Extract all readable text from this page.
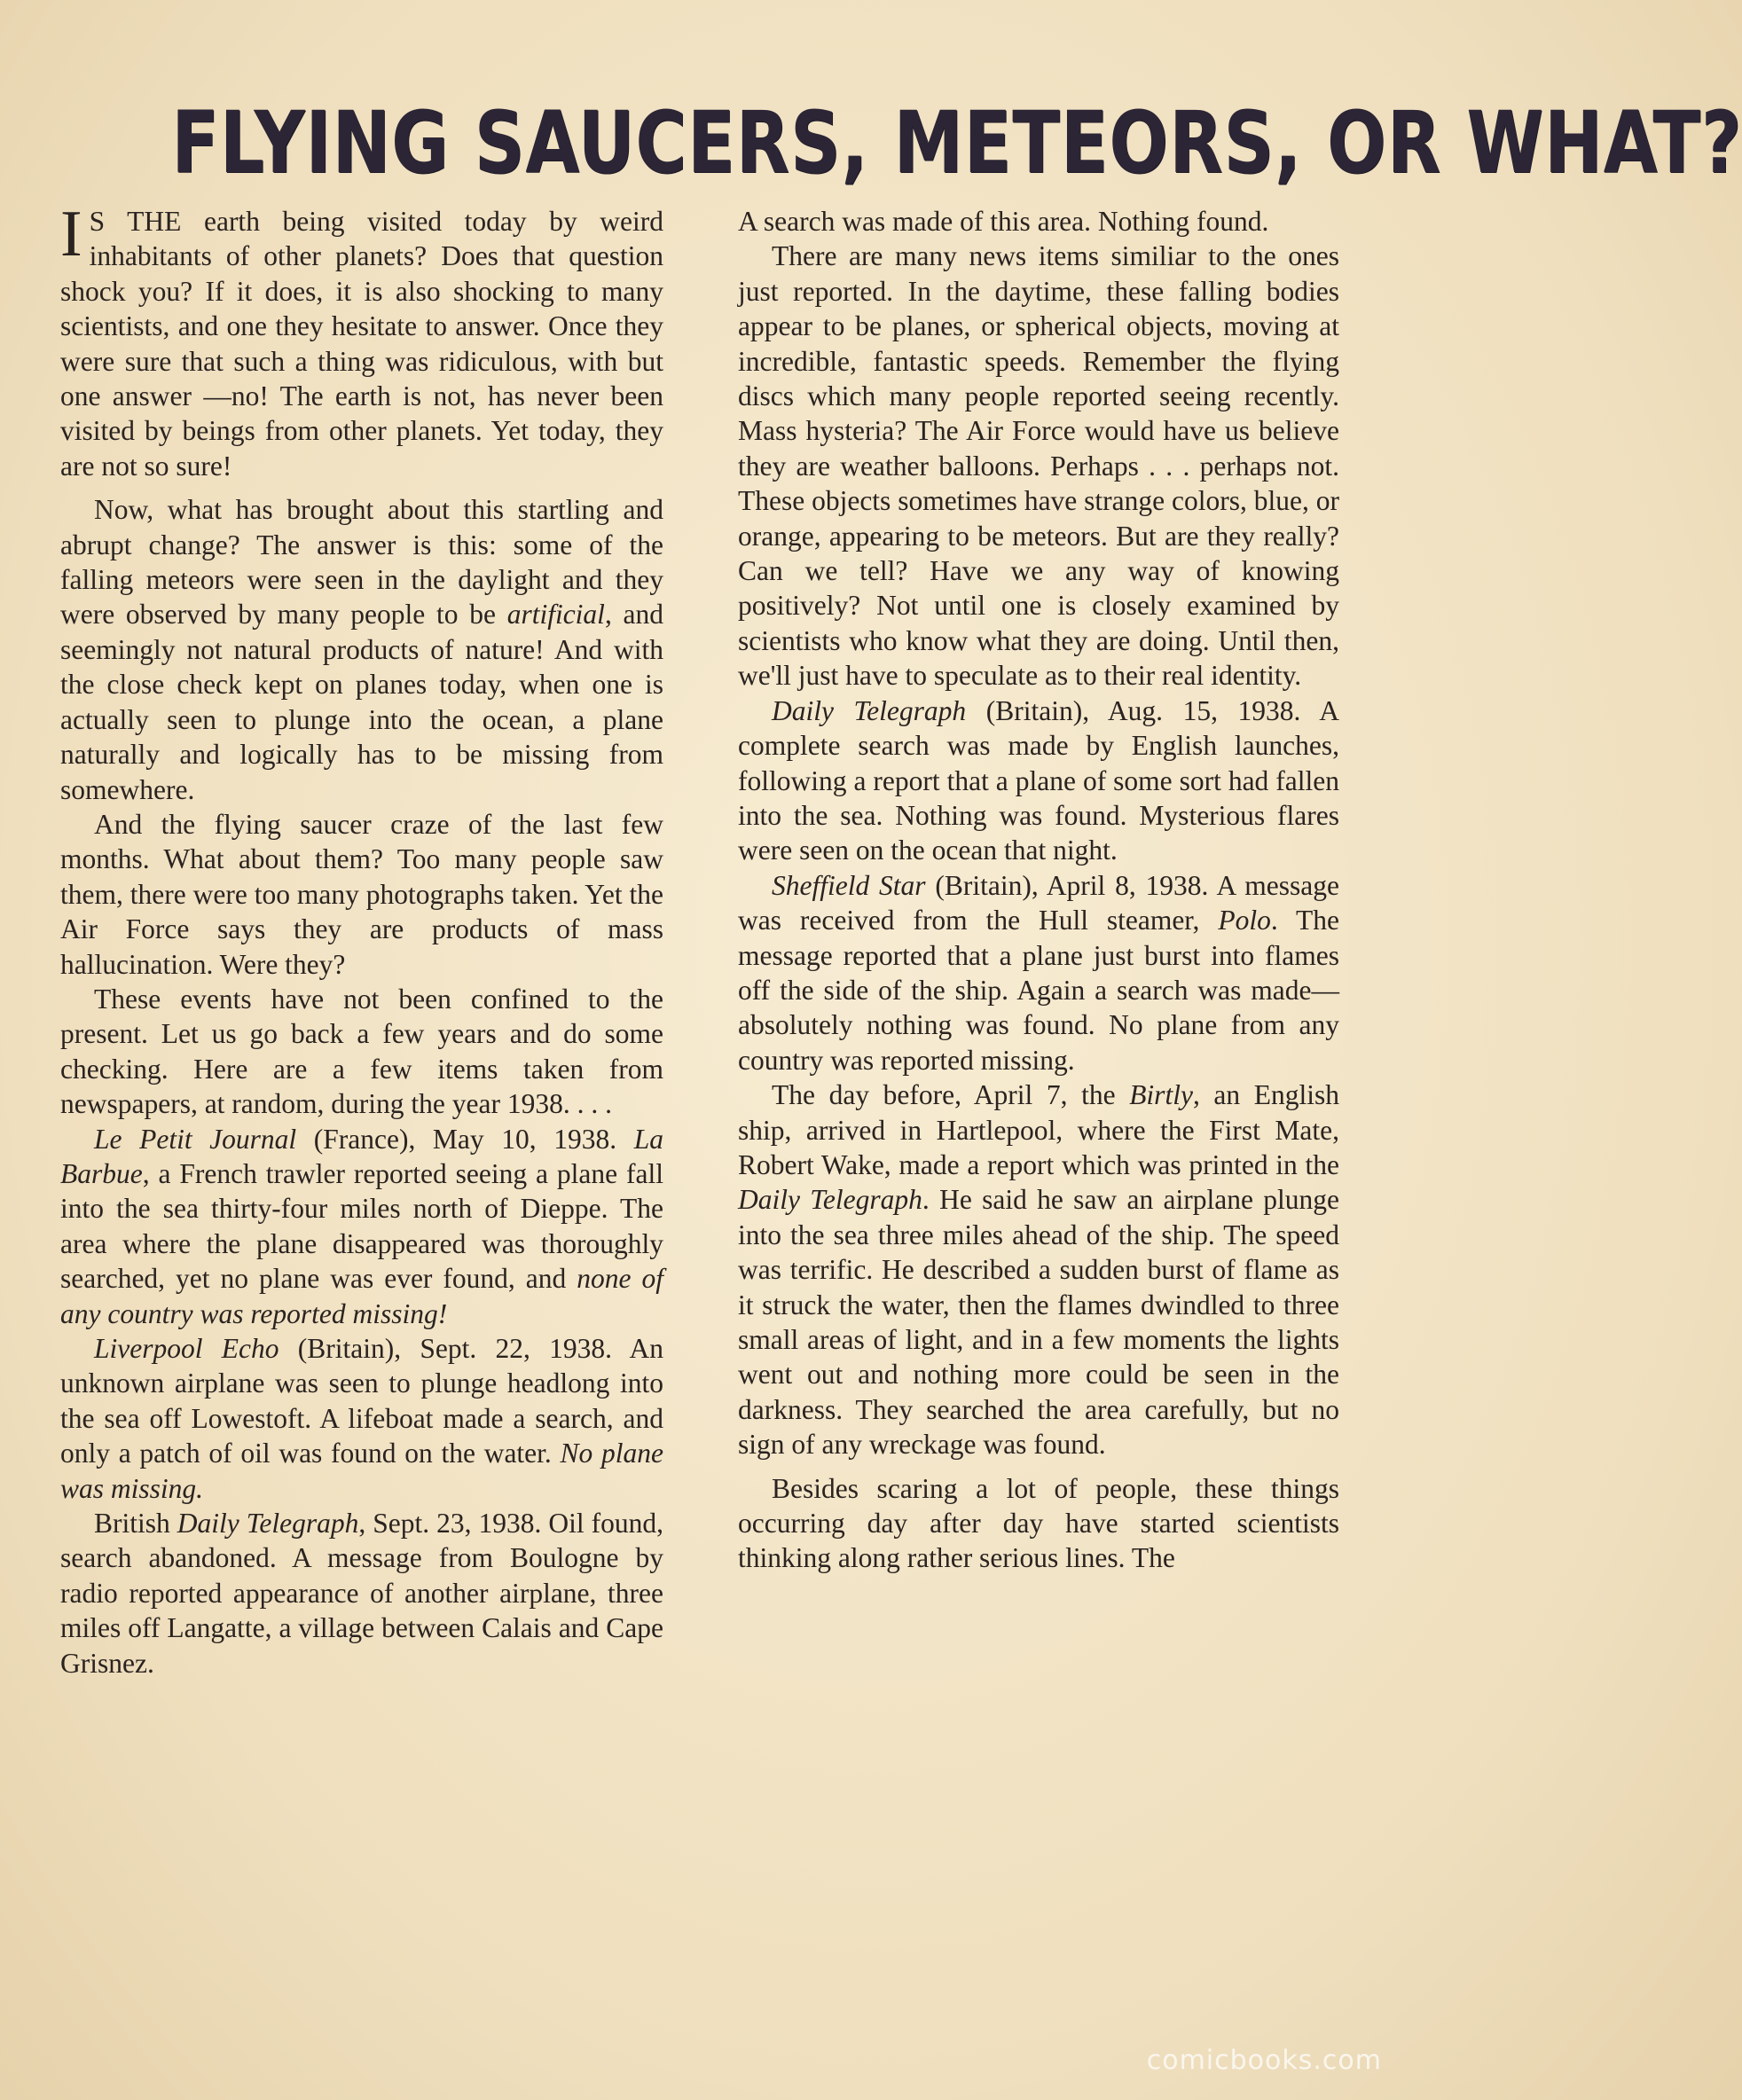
FLYING SAUCERS, METEORS, OR WHAT?

I S THE earth being visited today by weird inhabitants of other planets? Does that question shock you? If it does, it is also shocking to many scientists, and one they hesitate to answer. Once they were sure that such a thing was ridiculous, with but one answer —no! The earth is not, has never been visited by beings from other planets. Yet today, they are not so sure!

Now, what has brought about this startling and abrupt change? The answer is this: some of the falling meteors were seen in the daylight and they were observed by many people to be artificial, and seemingly not natural products of nature! And with the close check kept on planes today, when one is actually seen to plunge into the ocean, a plane naturally and logically has to be missing from somewhere.

And the flying saucer craze of the last few months. What about them? Too many people saw them, there were too many photographs taken. Yet the Air Force says they are products of mass hallucination. Were they?

These events have not been confined to the present. Let us go back a few years and do some checking. Here are a few items taken from newspapers, at random, during the year 1938. . . .

Le Petit Journal (France), May 10, 1938. La Barbue, a French trawler reported seeing a plane fall into the sea thirty-four miles north of Dieppe. The area where the plane disappeared was thoroughly searched, yet no plane was ever found, and none of any country was reported missing!

Liverpool Echo (Britain), Sept. 22, 1938. An unknown airplane was seen to plunge headlong into the sea off Lowestoft. A lifeboat made a search, and only a patch of oil was found on the water. No plane was missing.

British Daily Telegraph, Sept. 23, 1938. Oil found, search abandoned. A message from Boulogne by radio reported appearance of another airplane, three miles off Langatte, a village between Calais and Cape Grisnez.

A search was made of this area. Nothing found.

There are many news items similiar to the ones just reported. In the daytime, these falling bodies appear to be planes, or spherical objects, moving at incredible, fantastic speeds. Remember the flying discs which many people reported seeing recently. Mass hysteria? The Air Force would have us believe they are weather balloons. Perhaps . . . perhaps not. These objects sometimes have strange colors, blue, or orange, appearing to be meteors. But are they really? Can we tell? Have we any way of knowing positively? Not until one is closely examined by scientists who know what they are doing. Until then, we'll just have to speculate as to their real identity.

Daily Telegraph (Britain), Aug. 15, 1938. A complete search was made by English launches, following a report that a plane of some sort had fallen into the sea. Nothing was found. Mysterious flares were seen on the ocean that night.

Sheffield Star (Britain), April 8, 1938. A message was received from the Hull steamer, Polo. The message reported that a plane just burst into flames off the side of the ship. Again a search was made—absolutely nothing was found. No plane from any country was reported missing.

The day before, April 7, the Birtly, an English ship, arrived in Hartlepool, where the First Mate, Robert Wake, made a report which was printed in the Daily Telegraph. He said he saw an airplane plunge into the sea three miles ahead of the ship. The speed was terrific. He described a sudden burst of flame as it struck the water, then the flames dwindled to three small areas of light, and in a few moments the lights went out and nothing more could be seen in the darkness. They searched the area carefully, but no sign of any wreckage was found.

Besides scaring a lot of people, these things occurring day after day have started scientists thinking along rather serious lines. The

comicbooks.com
